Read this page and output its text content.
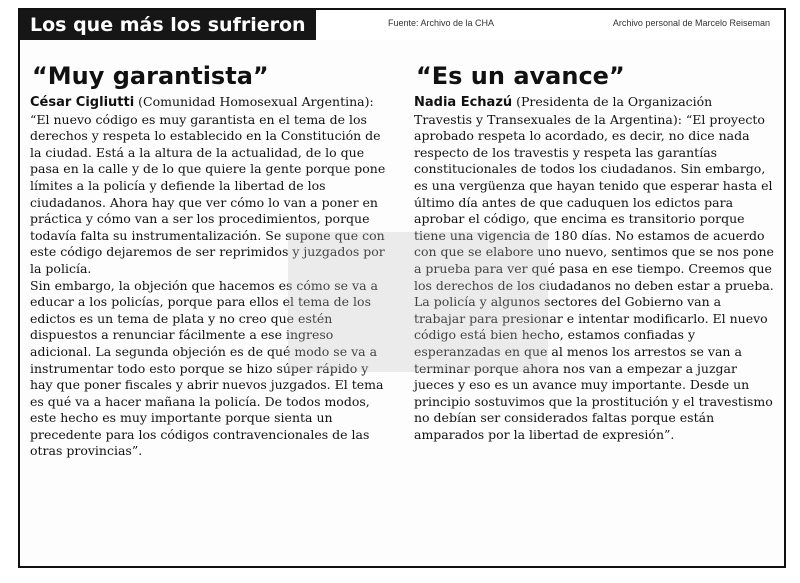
Los que más los sufrieron	Fuente: Archivo de la CHA	Archivo personal de Marcelo Reiseman
“Muy garantista”

César Cigliutti (Comunidad Homosexual Argentina): “El nuevo código es muy garantista en el tema de los derechos y respeta lo establecido en la Constitución de la ciudad. Está a la altura de la actualidad, de lo que pasa en la calle y de lo que quiere la gente porque pone límites a la policía y defiende la libertad de los ciudadanos. Ahora hay que ver cómo lo van a poner en práctica y cómo van a ser los procedimientos, porque todavía falta su instrumentalización. Se supone que con este código dejaremos de ser reprimidos y juzgados por la policía.
Sin embargo, la objeción que hacemos es cómo se va a educar a los policías, porque para ellos el tema de los edictos es un tema de plata y no creo que estén dispuestos a renunciar fácilmente a ese ingreso adicional. La segunda objeción es de qué modo se va a instrumentar todo esto porque se hizo súper rápido y hay que poner fiscales y abrir nuevos juzgados. El tema es qué va a hacer mañana la policía. De todos modos, este hecho es muy importante porque sienta un precedente para los códigos contravencionales de las otras provincias”.

“Es un avance”

Nadia Echazú (Presidenta de la Organización Travestis y Transexuales de la Argentina): “El proyecto aprobado respeta lo acordado, es decir, no dice nada respecto de los travestis y respeta las garantías constitucionales de todos los ciudadanos. Sin embargo, es una vergüenza que hayan tenido que esperar hasta el último día antes de que caduquen los edictos para aprobar el código, que encima es transitorio porque tiene una vigencia de 180 días. No estamos de acuerdo con que se elabore uno nuevo, sentimos que se nos pone a prueba para ver qué pasa en ese tiempo. Creemos que los derechos de los ciudadanos no deben estar a prueba. La policía y algunos sectores del Gobierno van a trabajar para presionar e intentar modificarlo. El nuevo código está bien hecho, estamos confiadas y esperanzadas en que al menos los arrestos se van a terminar porque ahora nos van a empezar a juzgar jueces y eso es un avance muy importante. Desde un principio sostuvimos que la prostitución y el travestismo no debían ser considerados faltas porque están amparados por la libertad de expresión”.
